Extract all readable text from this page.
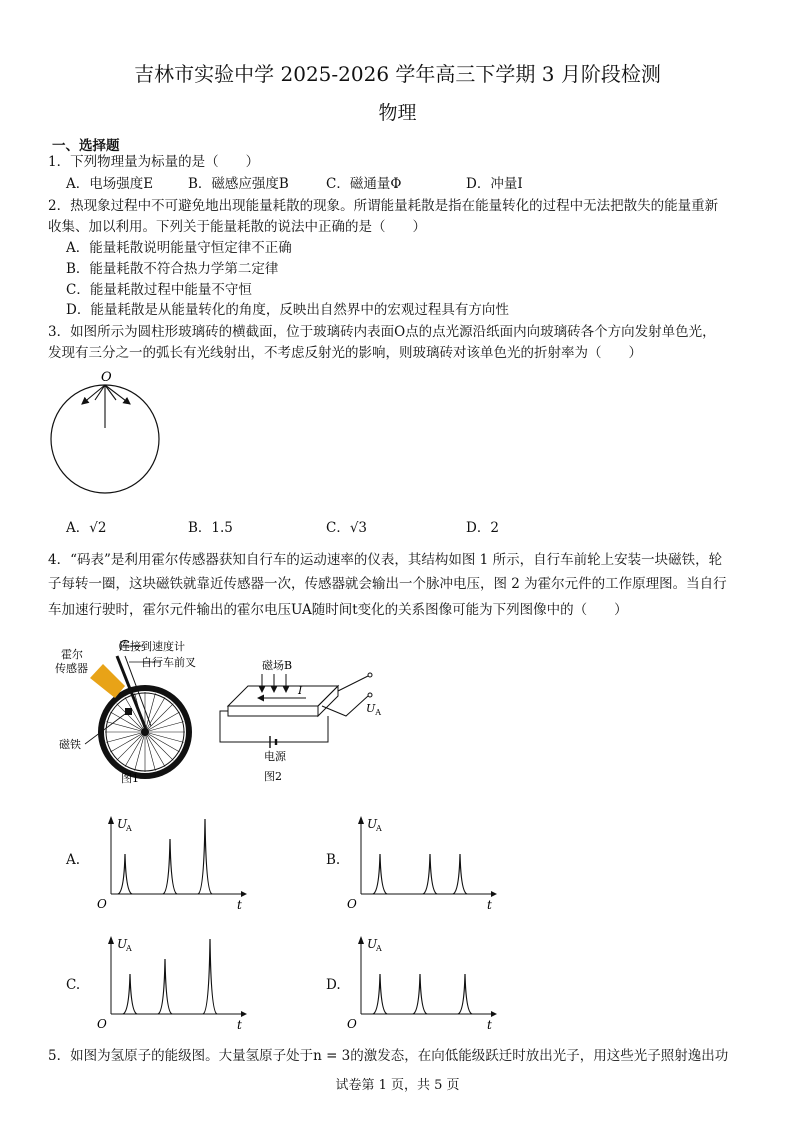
吉林市实验中学 2025-2026 学年高三下学期 3 月阶段检测
物理
一、选择题
1．下列物理量为标量的是（　　）
A．电场强度E	B．磁感应强度B	C．磁通量Φ	D．冲量I
2．热现象过程中不可避免地出现能量耗散的现象。所谓能量耗散是指在能量转化的过程中无法把散失的能量重新
收集、加以利用。下列关于能量耗散的说法中正确的是（　　）
A．能量耗散说明能量守恒定律不正确
B．能量耗散不符合热力学第二定律
C．能量耗散过程中能量不守恒
D．能量耗散是从能量转化的角度，反映出自然界中的宏观过程具有方向性
3．如图所示为圆柱形玻璃砖的横截面，位于玻璃砖内表面O点的点光源沿纸面内向玻璃砖各个方向发射单色光，
发现有三分之一的弧长有光线射出，不考虑反射光的影响，则玻璃砖对该单色光的折射率为（　　）
O
A．√2	B．1.5	C．√3	D．2
4．“码表”是利用霍尔传感器获知自行车的运动速率的仪表，其结构如图 1 所示，自行车前轮上安装一块磁铁，轮
子每转一圈，这块磁铁就靠近传感器一次，传感器就会输出一个脉冲电压，图 2 为霍尔元件的工作原理图。当自行
车加速行驶时，霍尔元件输出的霍尔电压UA随时间t变化的关系图像可能为下列图像中的（　　）
霍尔
传感器
连接到速度计
自行车前叉
磁铁
图1
磁场B
I
$U_A$
电源
图2
A.	B.
C.	D.
U
A
t
O
U
A
t
O
U
A
t
O
U
A
t
O
5．如图为氢原子的能级图。大量氢原子处于n = 3的激发态，在向低能级跃迁时放出光子，用这些光子照射逸出功
试卷第 1 页，共 5 页
